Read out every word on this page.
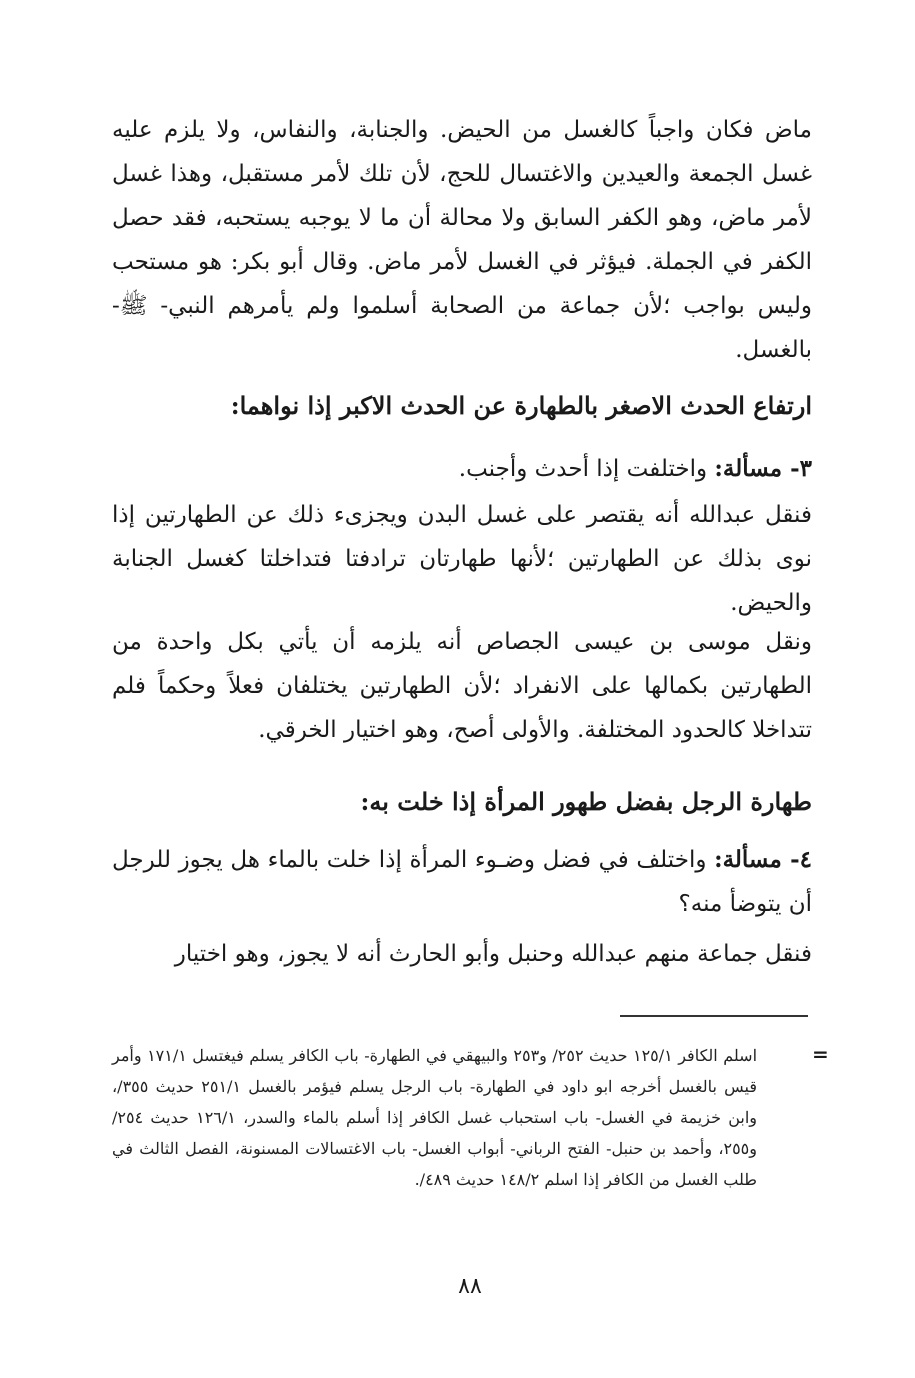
ماض فكان واجباً كالغسل من الحيض. والجنابة، والنفاس، ولا يلزم عليه غسل الجمعة والعيدين والاغتسال للحج، لأن تلك لأمر مستقبل، وهذا غسل لأمر ماض، وهو الكفر السابق ولا محالة أن ما لا يوجبه يستحبه، فقد حصل الكفر في الجملة. فيؤثر في الغسل لأمر ماض. وقال أبو بكر: هو مستحب وليس بواجب ؛لأن جماعة من الصحابة أسلموا ولم يأمرهم النبي- ﷺ- بالغسل.

ارتفاع الحدث الاصغر بالطهارة عن الحدث الاكبر إذا نواهما:

٣- مسألة: واختلفت إذا أحدث وأجنب.

فنقل عبدالله أنه يقتصر على غسل البدن ويجزىء ذلك عن الطهارتين إذا نوى بذلك عن الطهارتين ؛لأنها طهارتان ترادفتا فتداخلتا كغسل الجنابة والحيض.

ونقل موسى بن عيسى الجصاص أنه يلزمه أن يأتي بكل واحدة من الطهارتين بكمالها على الانفراد ؛لأن الطهارتين يختلفان فعلاً وحكماً فلم تتداخلا كالحدود المختلفة. والأولى أصح، وهو اختيار الخرقي.

طهارة الرجل بفضل طهور المرأة إذا خلت به:

٤- مسألة: واختلف في فضل وضـوء المرأة إذا خلت بالماء هل يجوز للرجل أن يتوضأ منه؟

فنقل جماعة منهم عبدالله وحنبل وأبو الحارث أنه لا يجوز، وهو اختيار

=

اسلم الكافر ١٢٥/١ حديث ٢٥٢/ و٢٥٣ والبيهقي في الطهارة- باب الكافر يسلم فيغتسل ١٧١/١ وأمر قيس بالغسل أخرجه ابو داود في الطهارة- باب الرجل يسلم فيؤمر بالغسل ٢٥١/١ حديث ٣٥٥/، وابن خزيمة في الغسل- باب استحباب غسل الكافر إذا أسلم بالماء والسدر، ١٢٦/١ حديث ٢٥٤/ و٢٥٥، وأحمد بن حنبل- الفتح الرباني- أبواب الغسل- باب الاغتسالات المسنونة، الفصل الثالث في طلب الغسل من الكافر إذا اسلم ١٤٨/٢ حديث ٤٨٩/.

٨٨
